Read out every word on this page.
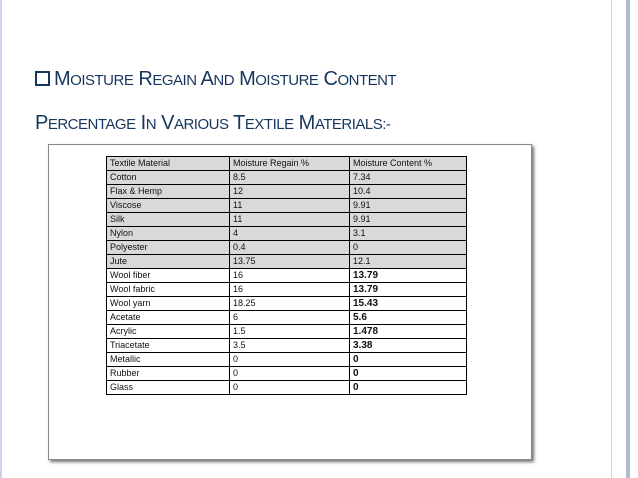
MOISTURE REGAIN AND MOISTURE CONTENT
PERCENTAGE IN VARIOUS TEXTILE MATERIALS:-
Textile Material	Moisture Regain %	Moisture Content %
Cotton	8.5	7.34
Flax & Hemp	12	10.4
Viscose	11	9.91
Silk	11	9.91
Nylon	4	3.1
Polyester	0.4	0
Jute	13.75	12.1
Wool fiber	16	13.79
Wool fabric	16	13.79
Wool yarn	18.25	15.43
Acetate	6	5.6
Acrylic	1.5	1.478
Triacetate	3.5	3.38
Metallic	0	0
Rubber	0	0
Glass	0	0
